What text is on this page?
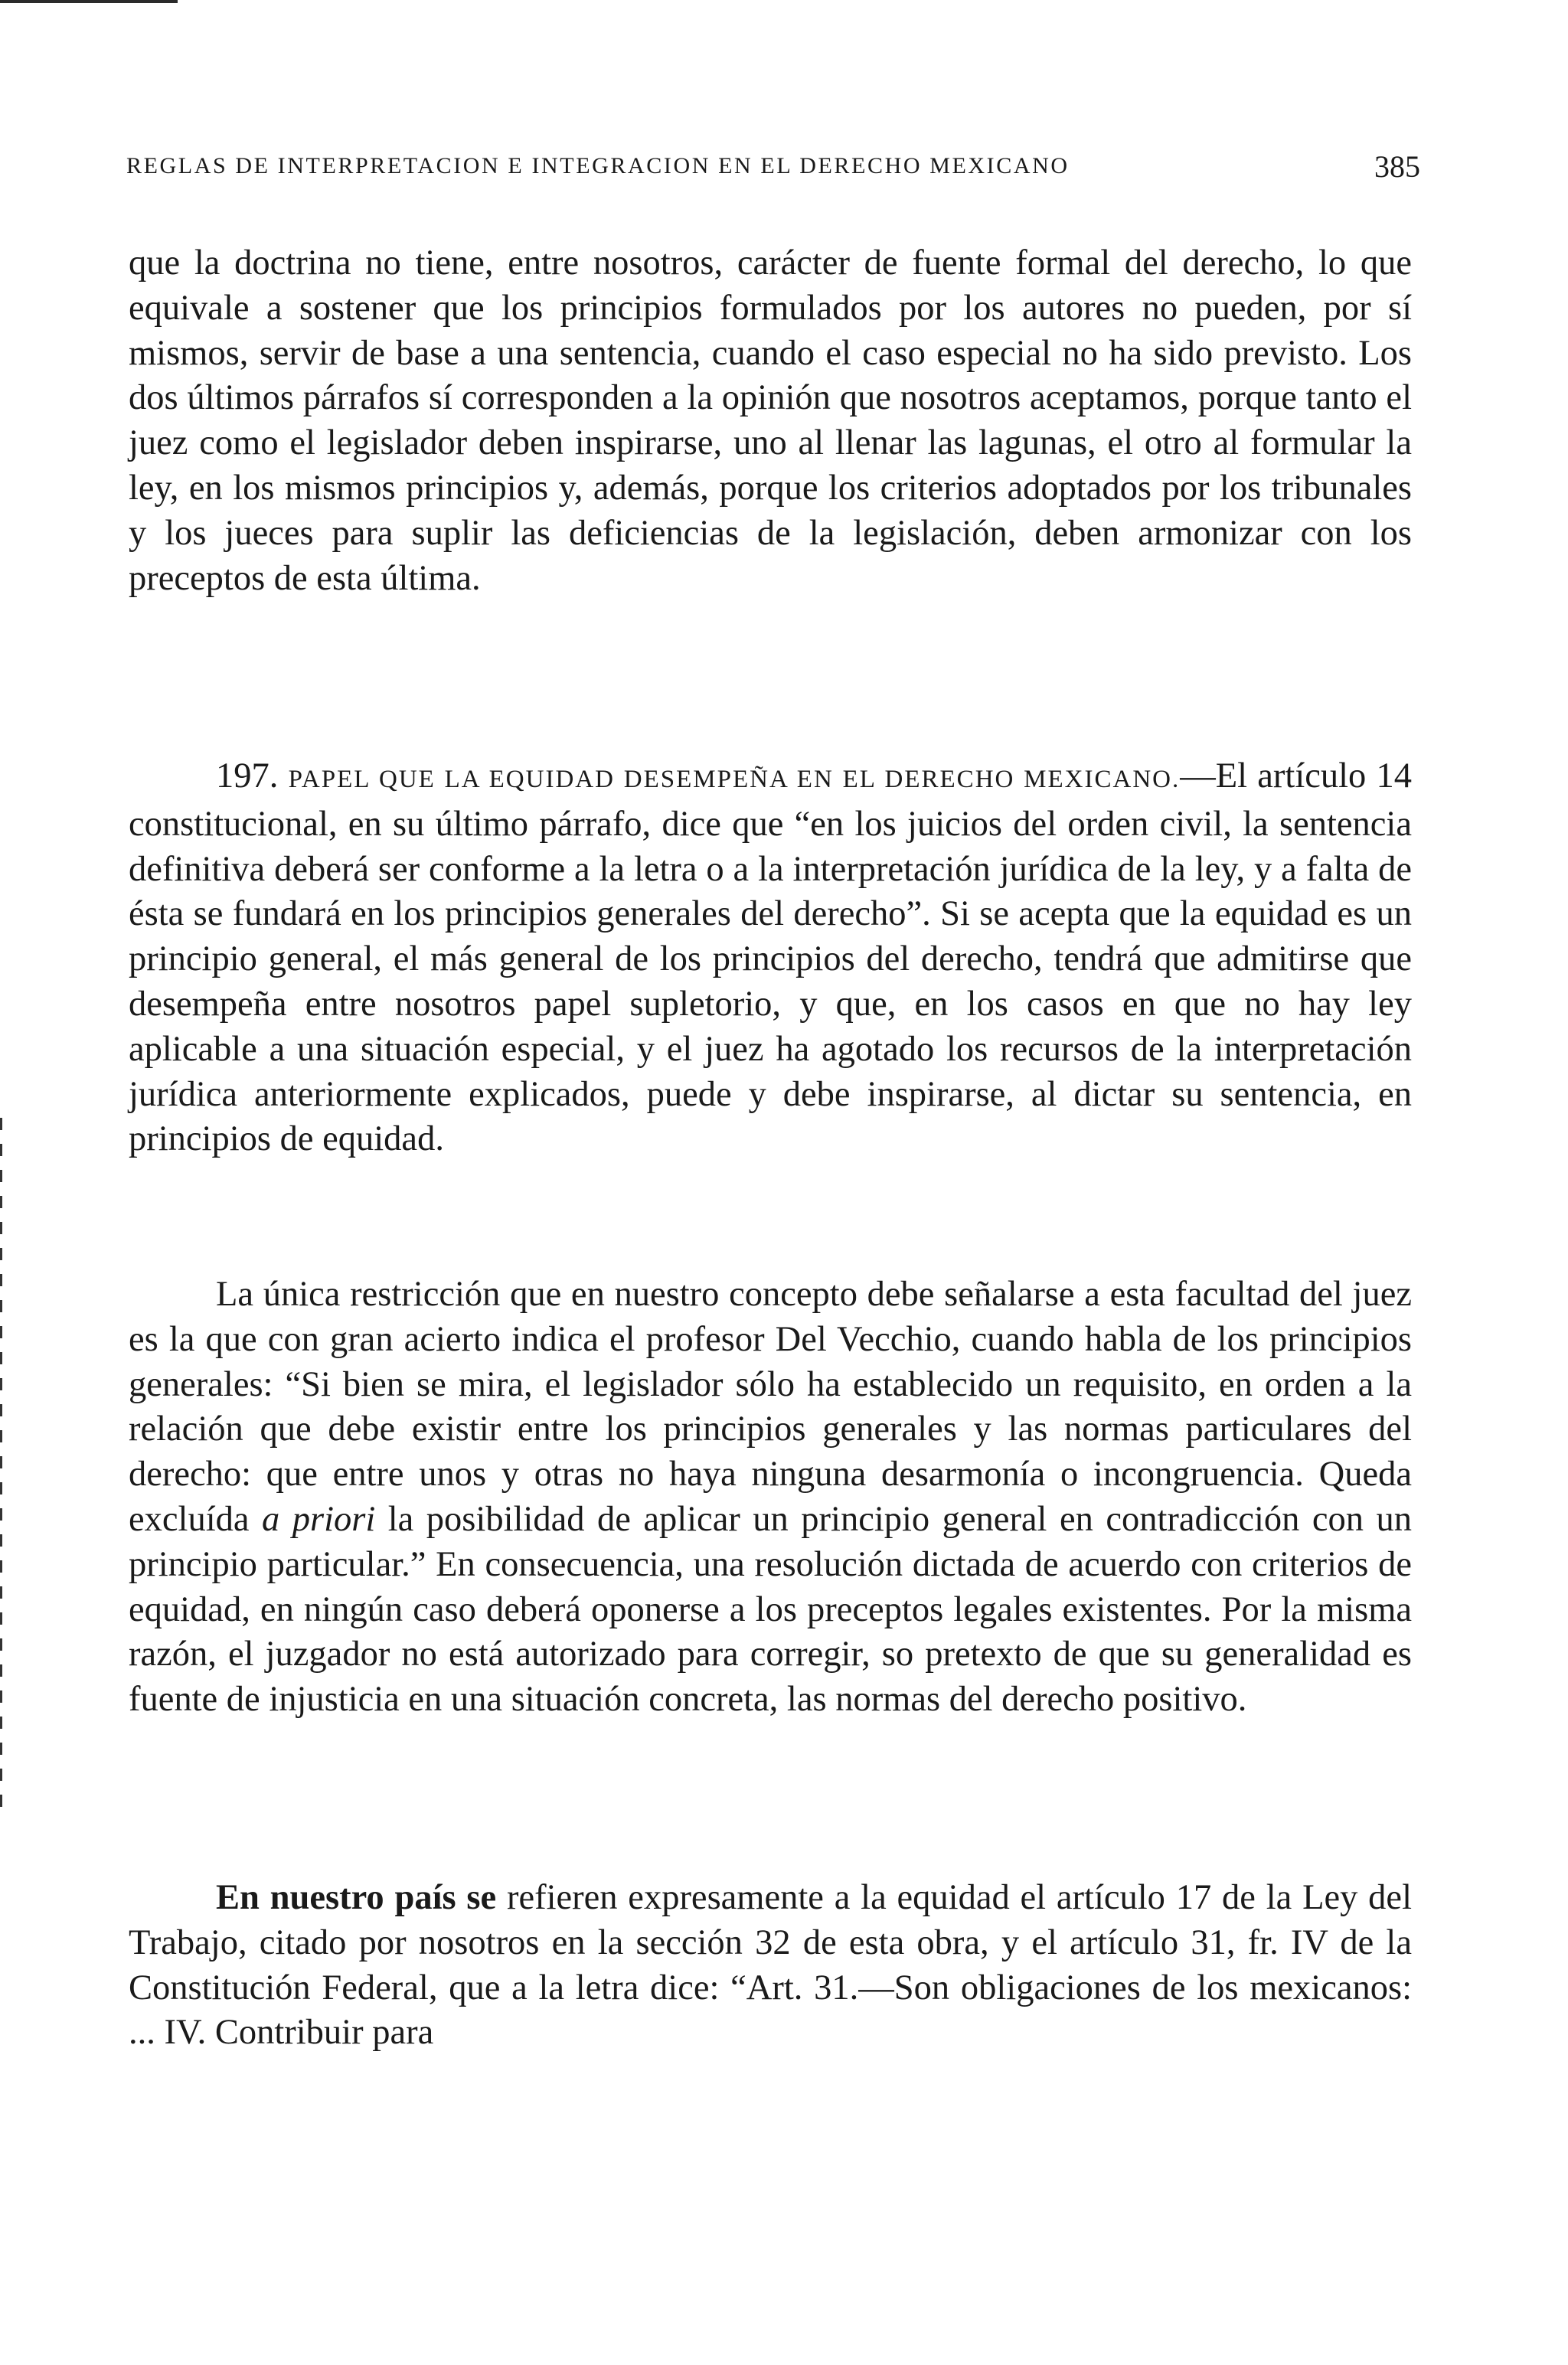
REGLAS DE INTERPRETACION E INTEGRACION EN EL DERECHO MEXICANO	385

que la doctrina no tiene, entre nosotros, carácter de fuente formal del derecho, lo que equivale a sostener que los principios formulados por los autores no pueden, por sí mismos, servir de base a una sentencia, cuando el caso especial no ha sido previsto. Los dos últimos párrafos sí corresponden a la opinión que nosotros aceptamos, porque tanto el juez como el legislador deben inspirarse, uno al llenar las lagunas, el otro al formular la ley, en los mismos principios y, además, porque los criterios adoptados por los tribunales y los jueces para suplir las deficiencias de la legislación, deben armonizar con los preceptos de esta última.

197. PAPEL QUE LA EQUIDAD DESEMPEÑA EN EL DERECHO MEXICANO.—El artículo 14 constitucional, en su último párrafo, dice que “en los juicios del orden civil, la sentencia definitiva deberá ser conforme a la letra o a la interpretación jurídica de la ley, y a falta de ésta se fundará en los principios generales del derecho”. Si se acepta que la equidad es un principio general, el más general de los principios del derecho, tendrá que admitirse que desempeña entre nosotros papel supletorio, y que, en los casos en que no hay ley aplicable a una situación especial, y el juez ha agotado los recursos de la interpretación jurídica anteriormente explicados, puede y debe inspirarse, al dictar su sentencia, en principios de equidad.

La única restricción que en nuestro concepto debe señalarse a esta facultad del juez es la que con gran acierto indica el profesor Del Vecchio, cuando habla de los principios generales: “Si bien se mira, el legislador sólo ha establecido un requisito, en orden a la relación que debe existir entre los principios generales y las normas particulares del derecho: que entre unos y otras no haya ninguna desarmonía o incongruencia. Queda excluída a priori la posibilidad de aplicar un principio general en contradicción con un principio particular.” En consecuencia, una resolución dictada de acuerdo con criterios de equidad, en ningún caso deberá oponerse a los preceptos legales existentes. Por la misma razón, el juzgador no está autorizado para corregir, so pretexto de que su generalidad es fuente de injusticia en una situación concreta, las normas del derecho positivo.

En nuestro país se refieren expresamente a la equidad el artículo 17 de la Ley del Trabajo, citado por nosotros en la sección 32 de esta obra, y el artículo 31, fr. IV de la Constitución Federal, que a la letra dice: “Art. 31.—Son obligaciones de los mexicanos: ... IV. Contribuir para
